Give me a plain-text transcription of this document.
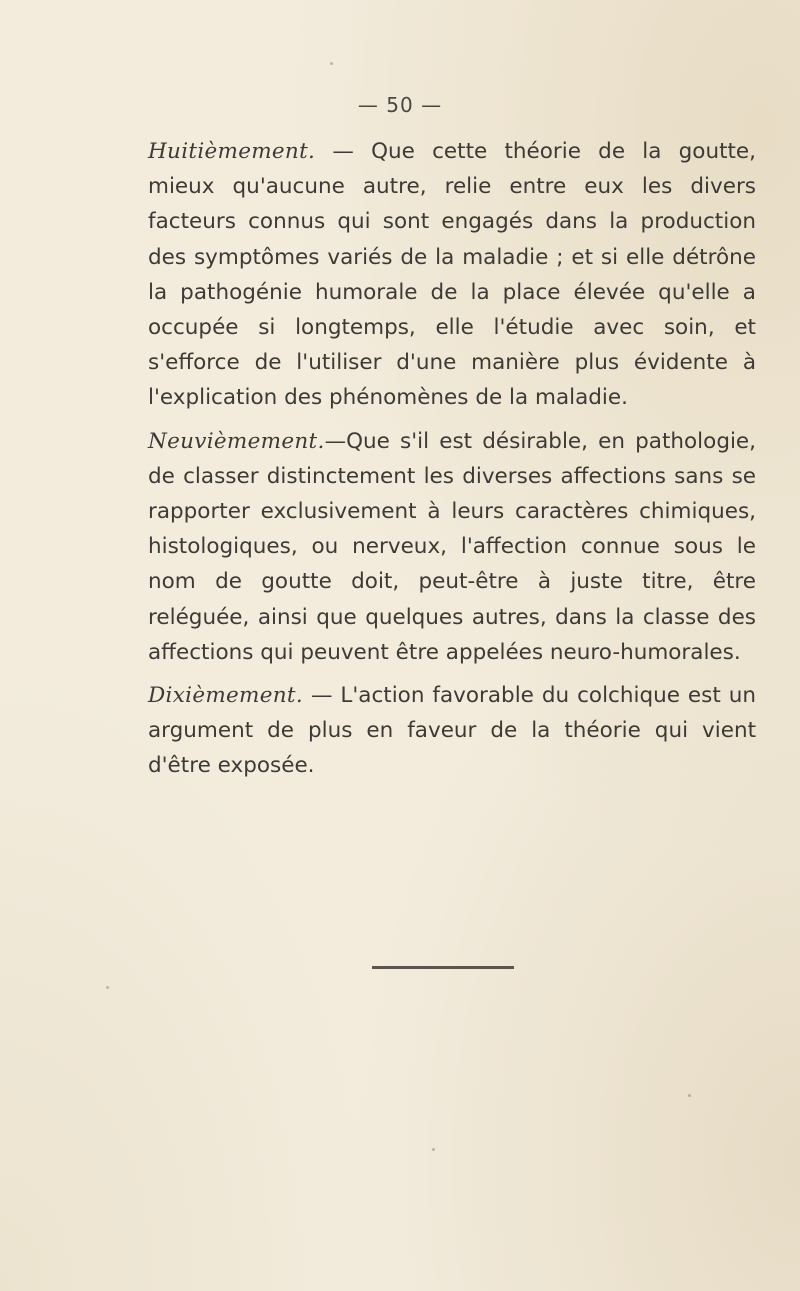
— 50 —

Huitièmement. — Que cette théorie de la goutte, mieux qu'aucune autre, relie entre eux les divers facteurs connus qui sont engagés dans la production des symptômes variés de la maladie ; et si elle détrône la pathogénie humorale de la place élevée qu'elle a occupée si longtemps, elle l'étudie avec soin, et s'efforce de l'utiliser d'une manière plus évidente à l'explication des phénomènes de la maladie.

Neuvièmement.—Que s'il est désirable, en pathologie, de classer distinctement les diverses affections sans se rapporter exclusivement à leurs caractères chimiques, histologiques, ou nerveux, l'affection connue sous le nom de goutte doit, peut-être à juste titre, être reléguée, ainsi que quelques autres, dans la classe des affections qui peuvent être appelées neuro-humorales.

Dixièmement. — L'action favorable du colchique est un argument de plus en faveur de la théorie qui vient d'être exposée.
